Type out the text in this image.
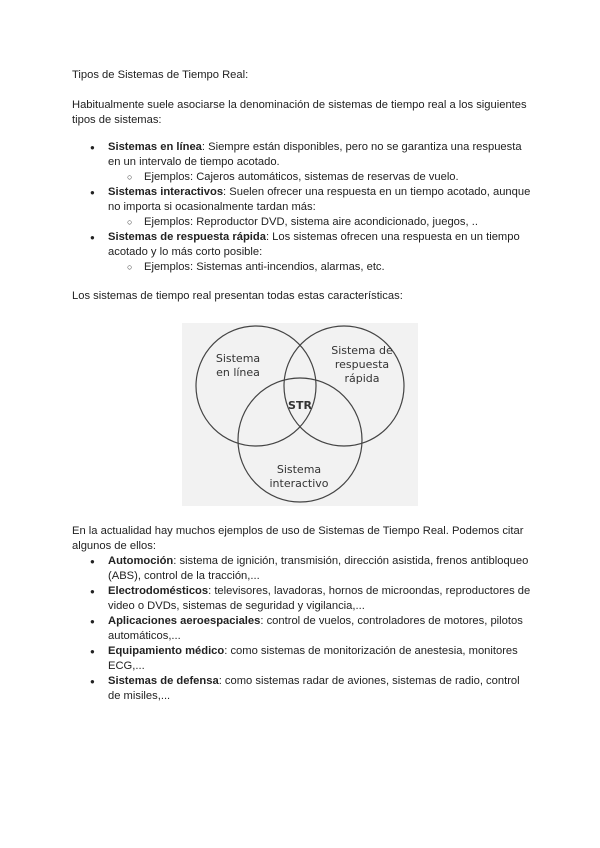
Tipos de Sistemas de Tiempo Real:

Habitualmente suele asociarse la denominación de sistemas de tiempo real a los siguientes tipos de sistemas:

● Sistemas en línea: Siempre están disponibles, pero no se garantiza una respuesta en un intervalo de tiempo acotado.
○ Ejemplos: Cajeros automáticos, sistemas de reservas de vuelo.
● Sistemas interactivos: Suelen ofrecer una respuesta en un tiempo acotado, aunque no importa si ocasionalmente tardan más:
○ Ejemplos: Reproductor DVD, sistema aire acondicionado, juegos, ..
● Sistemas de respuesta rápida: Los sistemas ofrecen una respuesta en un tiempo acotado y lo más corto posible:
○ Ejemplos: Sistemas anti-incendios, alarmas, etc.

Los sistemas de tiempo real presentan todas estas características:

Sistema
en línea
Sistema de
respuesta
rápida
Sistema
interactivo
STR

En la actualidad hay muchos ejemplos de uso de Sistemas de Tiempo Real. Podemos citar algunos de ellos:

● Automoción: sistema de ignición, transmisión, dirección asistida, frenos antibloqueo (ABS), control de la tracción,...
● Electrodomésticos: televisores, lavadoras, hornos de microondas, reproductores de video o DVDs, sistemas de seguridad y vigilancia,...
● Aplicaciones aeroespaciales: control de vuelos, controladores de motores, pilotos automáticos,...
● Equipamiento médico: como sistemas de monitorización de anestesia, monitores ECG,...
● Sistemas de defensa: como sistemas radar de aviones, sistemas de radio, control de misiles,...
